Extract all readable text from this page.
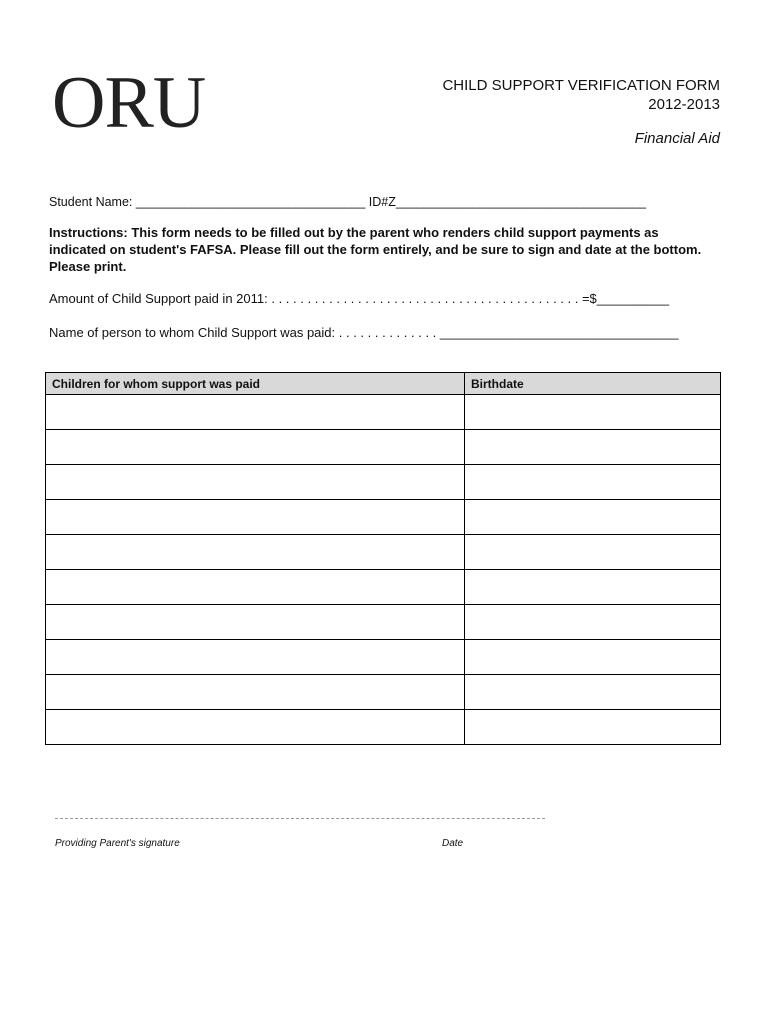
ORU	CHILD SUPPORT VERIFICATION FORM
2012-2013
Financial Aid
Student Name: _________________________________ ID#Z____________________________________
Instructions: This form needs to be filled out by the parent who renders child support payments as indicated on student's FAFSA. Please fill out the form entirely, and be sure to sign and date at the bottom. Please print.
Amount of Child Support paid in 2011: . . . . . . . . . . . . . . . . . . . . . . . . . . . . . . . . . . . . . . . . . . . =$__________
Name of person to whom Child Support was paid: . . . . . . . . . . . . . . _________________________________
Children for whom support was paid	Birthdate

Providing Parent's signature	Date
